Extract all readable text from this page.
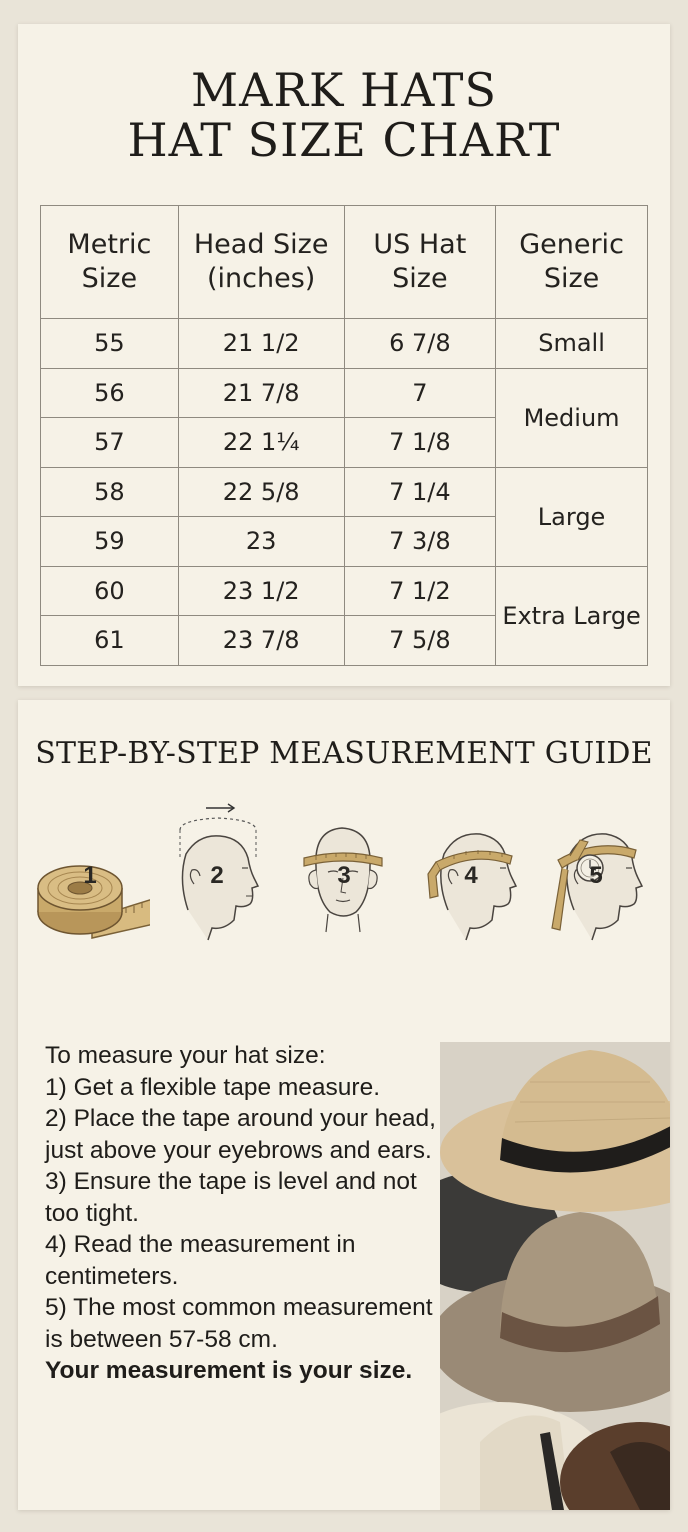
MARK HATS
HAT SIZE CHART
Metric Size	Head Size (inches)	US Hat Size	Generic Size
55	21 1/2	6 7/8	Small
56	21 7/8	7	Medium
57	22 1¼	7 1/8	
58	22 5/8	7 1/4	Large
59	23	7 3/8	
60	23 1/2	7 1/2	Extra Large
61	23 7/8	7 5/8	
STEP-BY-STEP MEASUREMENT GUIDE
1	2	3	4	5
To measure your hat size:
1) Get a flexible tape measure.
2) Place the tape around your head, just above your eyebrows and ears.
3) Ensure the tape is level and not too tight.
4) Read the measurement in centimeters.
5) The most common measurement is between 57-58 cm.
Your measurement is your size.
